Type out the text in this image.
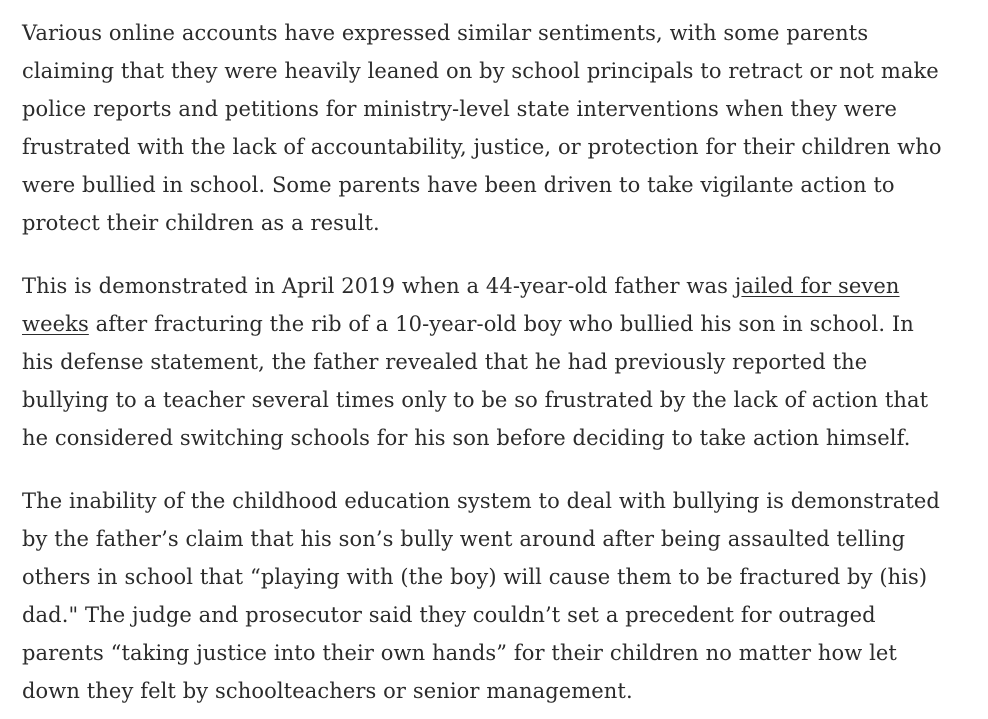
Various online accounts have expressed similar sentiments, with some parents claiming that they were heavily leaned on by school principals to retract or not make police reports and petitions for ministry-level state interventions when they were frustrated with the lack of accountability, justice, or protection for their children who were bullied in school. Some parents have been driven to take vigilante action to protect their children as a result.

This is demonstrated in April 2019 when a 44-year-old father was jailed for seven weeks after fracturing the rib of a 10-year-old boy who bullied his son in school. In his defense statement, the father revealed that he had previously reported the bullying to a teacher several times only to be so frustrated by the lack of action that he considered switching schools for his son before deciding to take action himself.

The inability of the childhood education system to deal with bullying is demonstrated by the father’s claim that his son’s bully went around after being assaulted telling others in school that “playing with (the boy) will cause them to be fractured by (his) dad." The judge and prosecutor said they couldn’t set a precedent for outraged parents “taking justice into their own hands” for their children no matter how let down they felt by schoolteachers or senior management.
